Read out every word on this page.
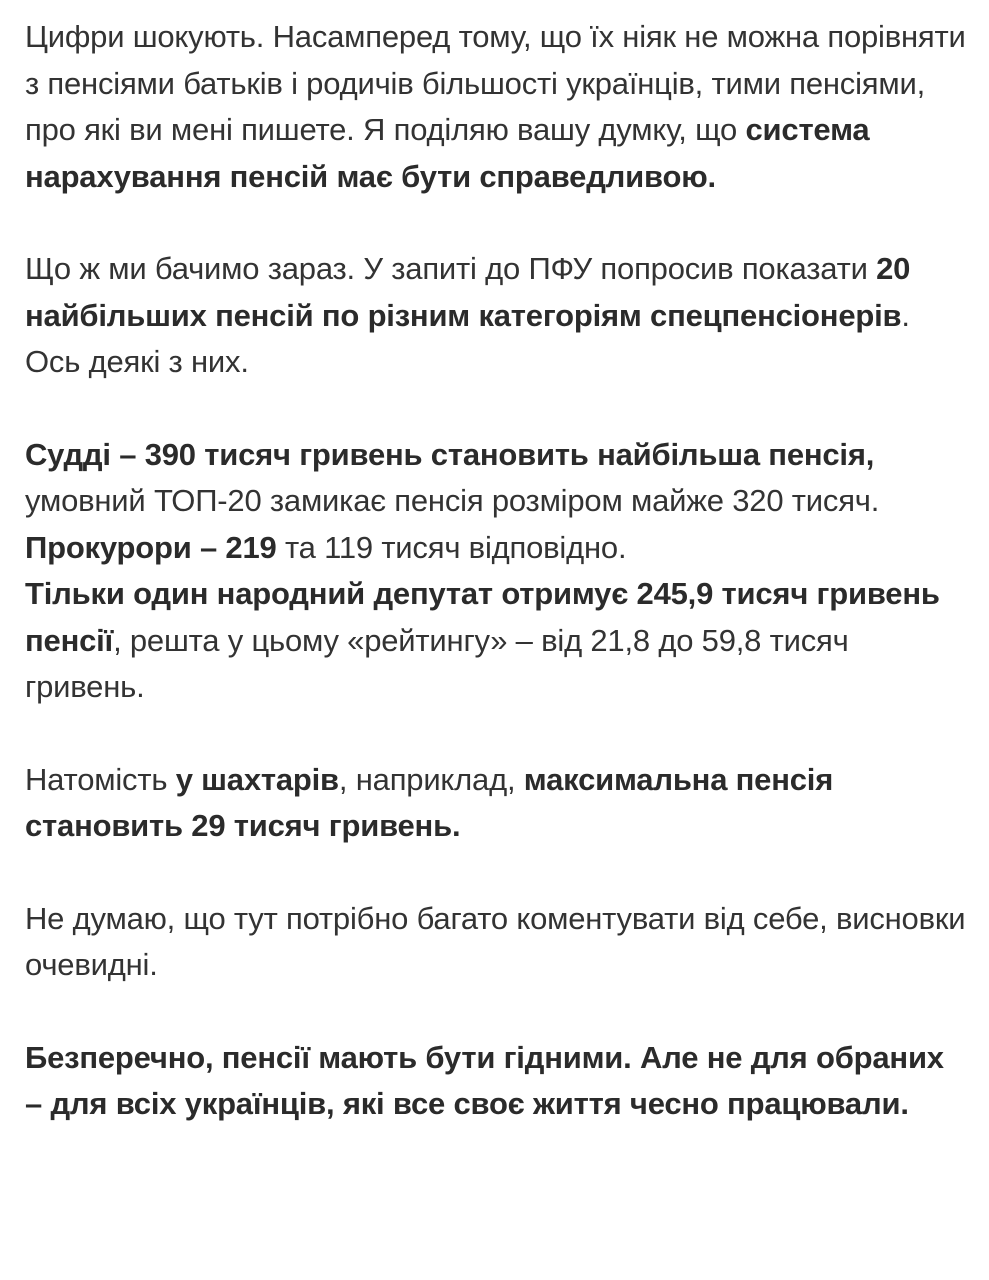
Цифри шокують. Насамперед тому, що їх ніяк не можна порівняти з пенсіями батьків і родичів більшості українців, тими пенсіями, про які ви мені пишете. Я поділяю вашу думку, що система нарахування пенсій має бути справедливою.

Що ж ми бачимо зараз. У запиті до ПФУ попросив показати 20 найбільших пенсій по різним категоріям спецпенсіонерів. Ось деякі з них.

Судді – 390 тисяч гривень становить найбільша пенсія, умовний ТОП-20 замикає пенсія розміром майже 320 тисяч.

Прокурори – 219 та 119 тисяч відповідно.

Тільки один народний депутат отримує 245,9 тисяч гривень пенсії, решта у цьому «рейтингу» – від 21,8 до 59,8 тисяч гривень.

Натомість у шахтарів, наприклад, максимальна пенсія становить 29 тисяч гривень.

Не думаю, що тут потрібно багато коментувати від себе, висновки очевидні.

Безперечно, пенсії мають бути гідними. Але не для обраних – для всіх українців, які все своє життя чесно працювали.
